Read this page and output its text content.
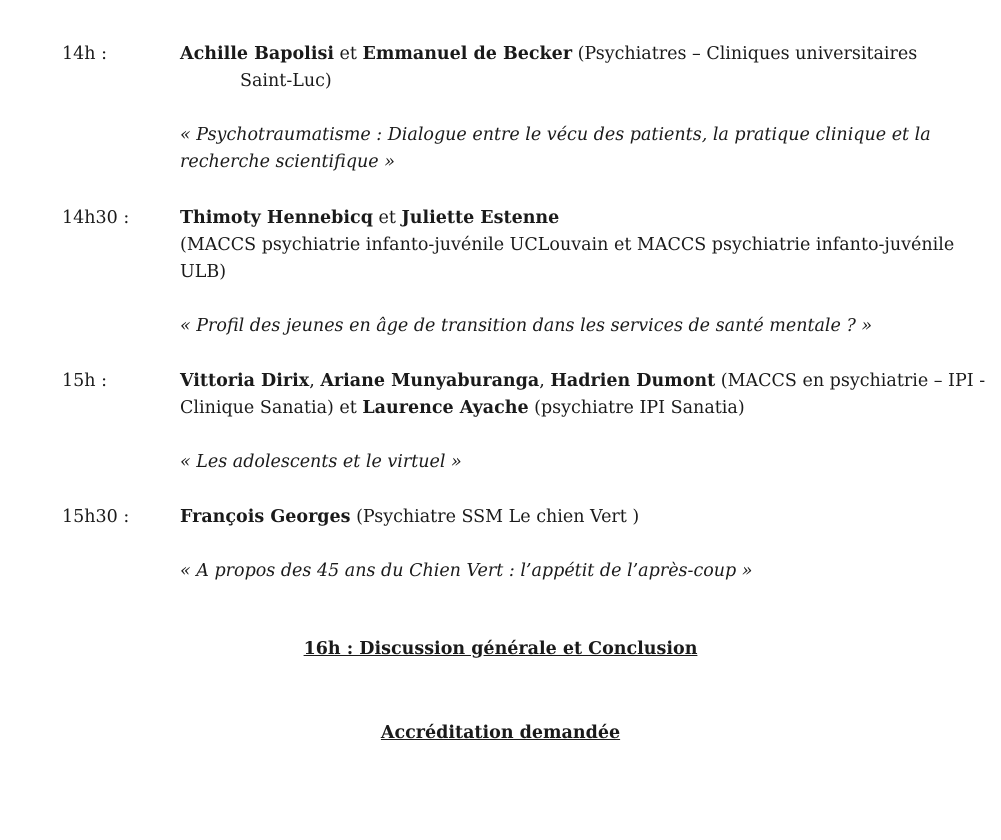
14h :	Achille Bapolisi et Emmanuel de Becker (Psychiatres – Cliniques universitaires
Saint-Luc)
« Psychotraumatisme : Dialogue entre le vécu des patients, la pratique clinique et la
recherche scientifique »
14h30 :	Thimoty Hennebicq et Juliette Estenne
(MACCS psychiatrie infanto-juvénile UCLouvain et MACCS psychiatrie infanto-juvénile
ULB)
« Profil des jeunes en âge de transition dans les services de santé mentale ? »
15h :	Vittoria Dirix, Ariane Munyaburanga, Hadrien Dumont (MACCS en psychiatrie – IPI -
Clinique Sanatia) et Laurence Ayache (psychiatre IPI Sanatia)
« Les adolescents et le virtuel »
15h30 :	François Georges (Psychiatre SSM Le chien Vert )
« A propos des 45 ans du Chien Vert : l’appétit de l’après-coup »
16h : Discussion générale et Conclusion
Accréditation demandée
